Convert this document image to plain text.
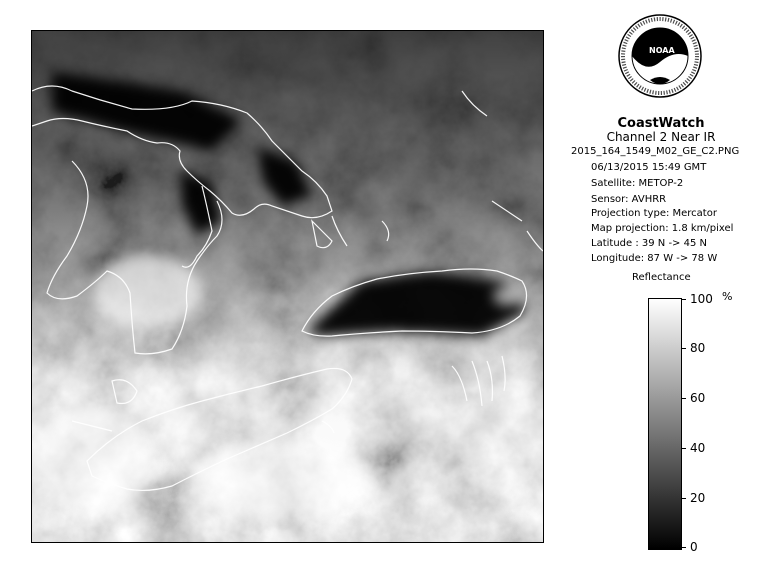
NOAA
CoastWatch
Channel 2 Near IR
2015_164_1549_M02_GE_C2.PNG
06/13/2015 15:49 GMT
Satellite: METOP-2
Sensor: AVHRR
Projection type: Mercator
Map projection: 1.8 km/pixel
Latitude : 39 N -> 45 N
Longitude: 87 W -> 78 W
Reflectance
%
100
80
60
40
20
0
